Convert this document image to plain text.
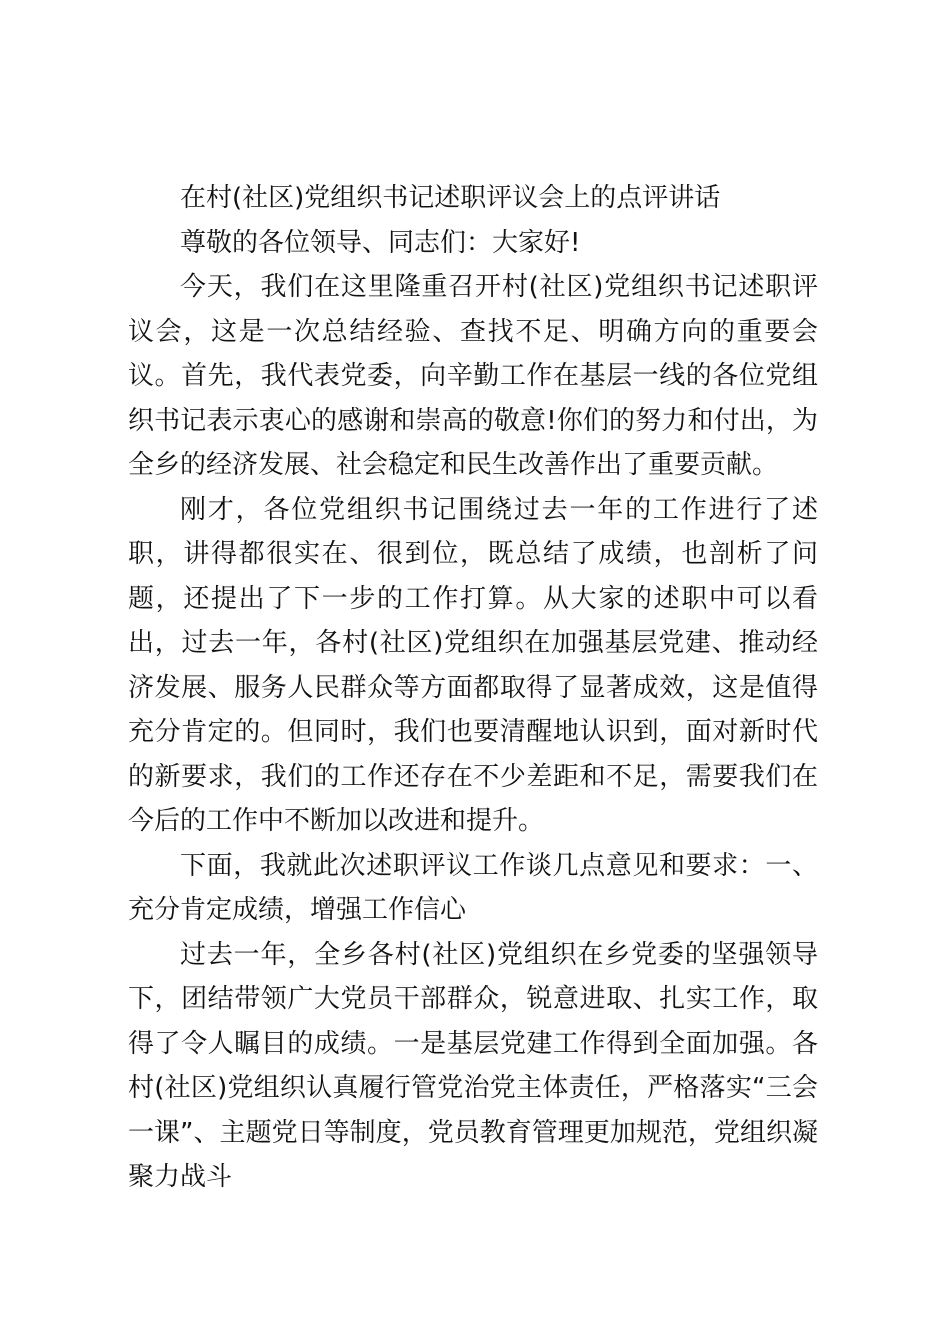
在村(社区)党组织书记述职评议会上的点评讲话

尊敬的各位领导、同志们：大家好!

今天，我们在这里隆重召开村(社区)党组织书记述职评议会，这是一次总结经验、查找不足、明确方向的重要会议。首先，我代表党委，向辛勤工作在基层一线的各位党组织书记表示衷心的感谢和崇高的敬意!你们的努力和付出，为全乡的经济发展、社会稳定和民生改善作出了重要贡献。

刚才，各位党组织书记围绕过去一年的工作进行了述职，讲得都很实在、很到位，既总结了成绩，也剖析了问题，还提出了下一步的工作打算。从大家的述职中可以看出，过去一年，各村(社区)党组织在加强基层党建、推动经济发展、服务人民群众等方面都取得了显著成效，这是值得充分肯定的。但同时，我们也要清醒地认识到，面对新时代的新要求，我们的工作还存在不少差距和不足，需要我们在今后的工作中不断加以改进和提升。

下面，我就此次述职评议工作谈几点意见和要求：一、充分肯定成绩，增强工作信心

过去一年，全乡各村(社区)党组织在乡党委的坚强领导下，团结带领广大党员干部群众，锐意进取、扎实工作，取得了令人瞩目的成绩。一是基层党建工作得到全面加强。各村(社区)党组织认真履行管党治党主体责任，严格落实“三会一课”、主题党日等制度，党员教育管理更加规范，党组织凝聚力战斗
